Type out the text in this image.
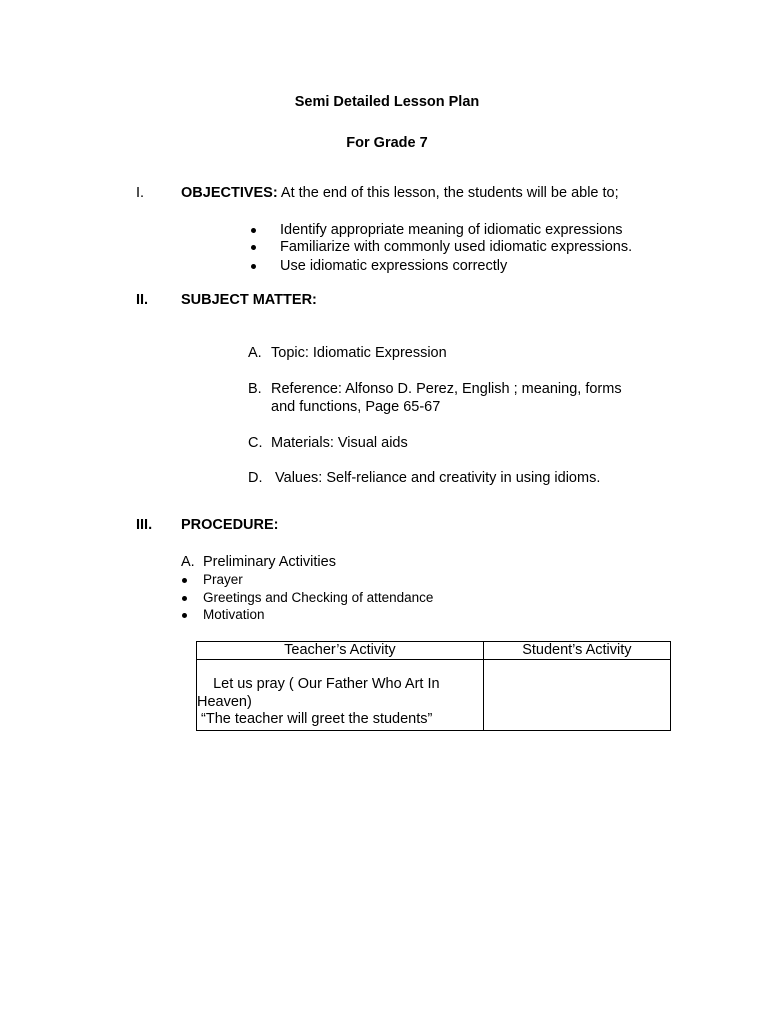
Semi Detailed Lesson Plan
For Grade 7
I.	OBJECTIVES: At the end of this lesson, the students will be able to;
Identify appropriate meaning of idiomatic expressions
Familiarize with commonly used idiomatic expressions.
Use idiomatic expressions correctly
II. SUBJECT MATTER:
A. Topic: Idiomatic Expression
B. Reference: Alfonso D. Perez, English ; meaning, forms
and functions, Page 65-67
C. Materials: Visual aids
D. Values: Self-reliance and creativity in using idioms.
III. PROCEDURE:
A. Preliminary Activities
Prayer
Greetings and Checking of attendance
Motivation
Teacher’s Activity	Student’s Activity

Let us pray ( Our Father Who Art In
Heaven)
“The teacher will greet the students”	
